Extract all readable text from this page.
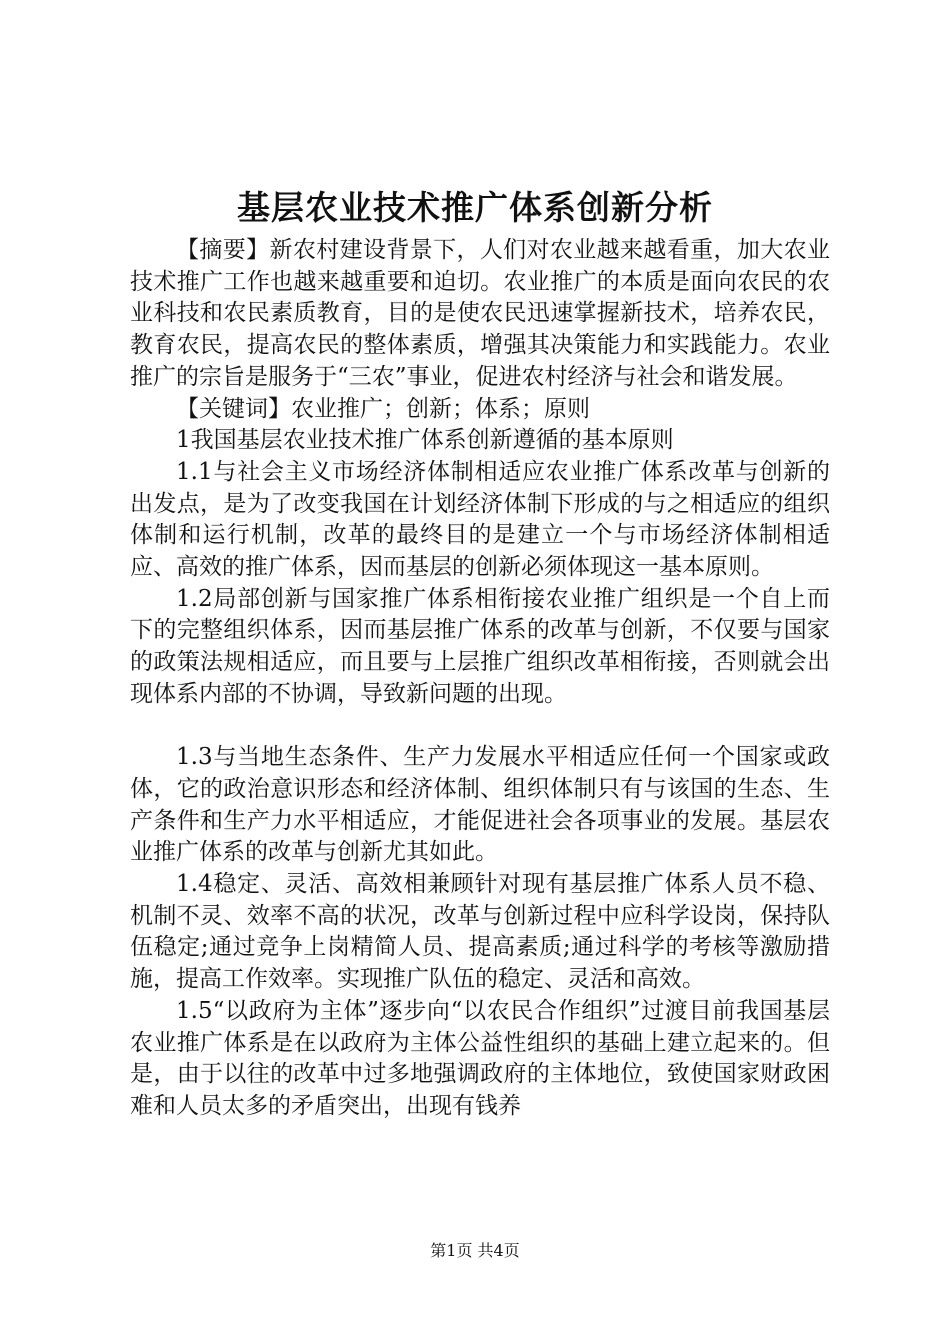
基层农业技术推广体系创新分析

【摘要】新农村建设背景下，人们对农业越来越看重，加大农业技术推广工作也越来越重要和迫切。农业推广的本质是面向农民的农业科技和农民素质教育，目的是使农民迅速掌握新技术，培养农民，教育农民，提高农民的整体素质，增强其决策能力和实践能力。农业推广的宗旨是服务于“三农”事业，促进农村经济与社会和谐发展。

【关键词】农业推广；创新；体系；原则

1我国基层农业技术推广体系创新遵循的基本原则

1.1与社会主义市场经济体制相适应农业推广体系改革与创新的出发点，是为了改变我国在计划经济体制下形成的与之相适应的组织体制和运行机制，改革的最终目的是建立一个与市场经济体制相适应、高效的推广体系，因而基层的创新必须体现这一基本原则。

1.2局部创新与国家推广体系相衔接农业推广组织是一个自上而下的完整组织体系，因而基层推广体系的改革与创新，不仅要与国家的政策法规相适应，而且要与上层推广组织改革相衔接，否则就会出现体系内部的不协调，导致新问题的出现。

1.3与当地生态条件、生产力发展水平相适应任何一个国家或政体，它的政治意识形态和经济体制、组织体制只有与该国的生态、生产条件和生产力水平相适应，才能促进社会各项事业的发展。基层农业推广体系的改革与创新尤其如此。

1.4稳定、灵活、高效相兼顾针对现有基层推广体系人员不稳、机制不灵、效率不高的状况，改革与创新过程中应科学设岗，保持队伍稳定;通过竞争上岗精简人员、提高素质;通过科学的考核等激励措施，提高工作效率。实现推广队伍的稳定、灵活和高效。

1.5“以政府为主体”逐步向“以农民合作组织”过渡目前我国基层农业推广体系是在以政府为主体公益性组织的基础上建立起来的。但是，由于以往的改革中过多地强调政府的主体地位，致使国家财政困难和人员太多的矛盾突出，出现有钱养

第1页 共4页
